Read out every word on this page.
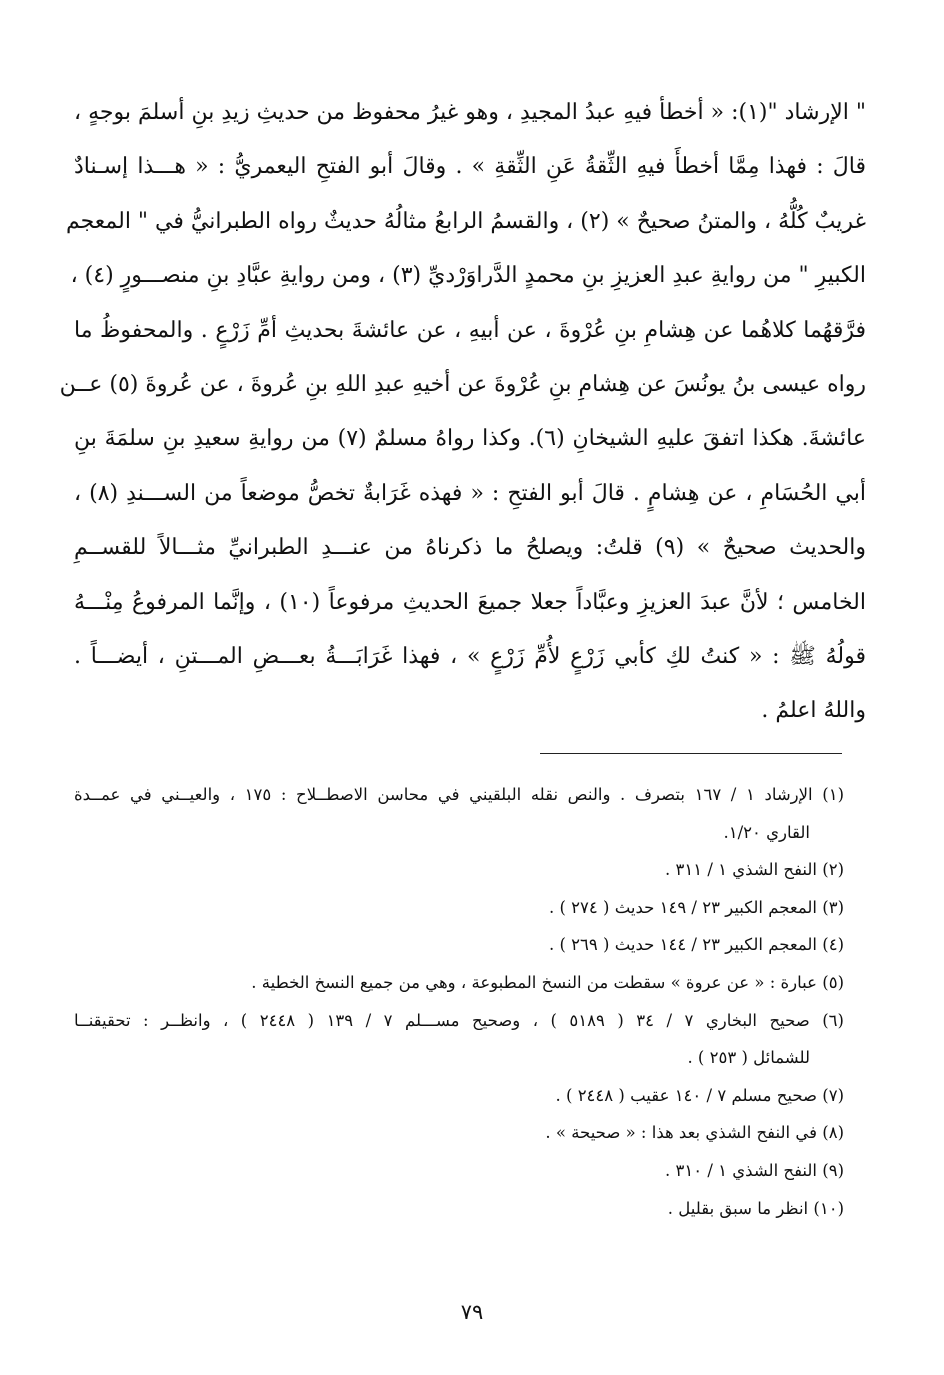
" الإرشاد "(١): « أخطأ فيهِ عبدُ المجيدِ ، وهو غيرُ محفوظ من حديثِ زيدِ بنِ أسلمَ بوجهٍ ،
قالَ : فهذا مِمَّا أخطأَ فيهِ الثِّقةُ عَنِ الثِّقةِ » . وقالَ أبو الفتحِ اليعمريُّ : « هـــذا إسـنادٌ
غريبٌ كُلُّهُ ، والمتنُ صحيحٌ » (٢) ، والقسمُ الرابعُ مثالُهُ حديثٌ رواه الطبرانيُّ في " المعجم
الكبيرِ " من روايةِ عبدِ العزيزِ بنِ محمدٍ الدَّراوَرْديِّ (٣) ، ومن روايةِ عبَّادِ بنِ منصـــورٍ (٤) ،
فرَّقهُما كلاهُما عن هِشامِ بنِ عُرْوةَ ، عن أبيهِ ، عن عائشةَ بحديثِ أمِّ زَرْعٍ . والمحفوظُ ما
رواه عيسى بنُ يونُسَ عن هِشامِ بنِ عُرْوةَ عن أخيهِ عبدِ اللهِ بنِ عُروةَ ، عن عُروةَ (٥) عــن
عائشةَ. هكذا اتفقَ عليهِ الشيخانِ (٦). وكذا رواهُ مسلمٌ (٧) من روايةِ سعيدِ بنِ سلمَةَ بنِ
أبي الحُسَامِ ، عن هِشامٍ . قالَ أبو الفتحِ : « فهذه غَرَابةٌ تخصُّ موضعاً من الســـندِ (٨) ،
والحديث صحيحٌ » (٩) قلتُ: ويصلحُ ما ذكرناهُ من عنـــدِ الطبرانيِّ مثـــالاً للقســمِ
الخامس ؛ لأنَّ عبدَ العزيزِ وعبَّاداً جعلا جميعَ الحديثِ مرفوعاً (١٠) ، وإنَّما المرفوعُ مِنْـــهُ
قولُهُ ﷺ : « كنتُ لكِ كأبي زَرْعٍ لأُمِّ زَرْعٍ » ، فهذا غَرَابَـــةُ بعـــضِ المـــتنِ ، أيضـــاً .
واللهُ اعلمُ .
(١) الإرشاد ١ / ١٦٧ بتصرف . والنص نقله البلقيني في محاسن الاصطــلاح : ١٧٥ ، والعيــني في عمــدة
القاري ١/٢٠.
(٢) النفح الشذي ١ / ٣١١ .
(٣) المعجم الكبير ٢٣ / ١٤٩ حديث ( ٢٧٤ ) .
(٤) المعجم الكبير ٢٣ / ١٤٤ حديث ( ٢٦٩ ) .
(٥) عبارة : « عن عروة » سقطت من النسخ المطبوعة ، وهي من جميع النسخ الخطية .
(٦) صحيح البخاري ٧ / ٣٤ ( ٥١٨٩ ) ، وصحيح مســـلم ٧ / ١٣٩ ( ٢٤٤٨ ) ، وانظــر : تحقيقنــا
للشمائل ( ٢٥٣ ) .
(٧) صحيح مسلم ٧ / ١٤٠ عقيب ( ٢٤٤٨ ) .
(٨) في النفح الشذي بعد هذا : « صحيحة » .
(٩) النفح الشذي ١ / ٣١٠ .
(١٠) انظر ما سبق بقليل .
٧٩
